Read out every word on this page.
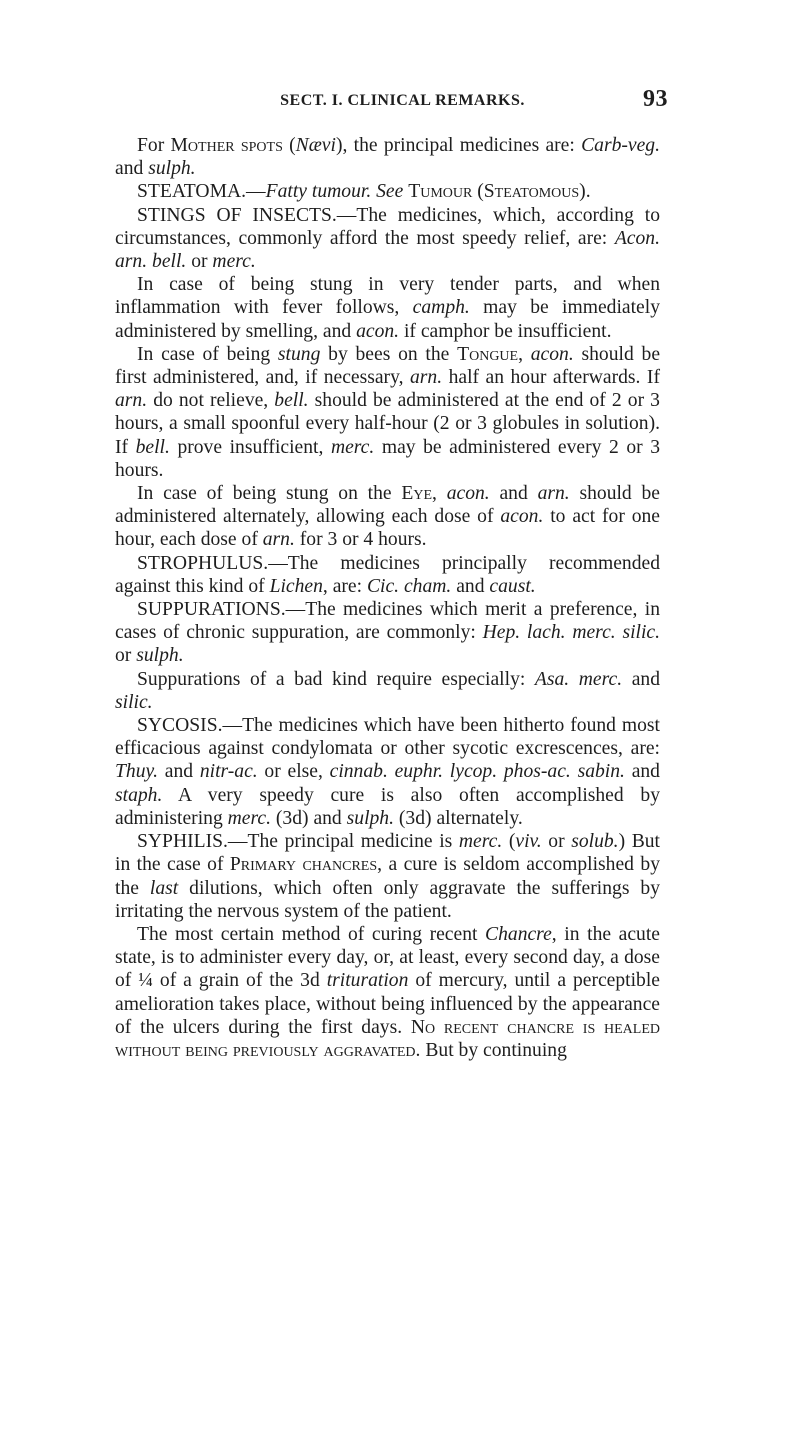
SECT. I. CLINICAL REMARKS.	93

For Mother spots (Nævi), the principal medicines are: Carb-veg. and sulph.

STEATOMA.—Fatty tumour. See Tumour (Steatomous).

STINGS OF INSECTS.—The medicines, which, according to circumstances, commonly afford the most speedy relief, are: Acon. arn. bell. or merc.

In case of being stung in very tender parts, and when inflammation with fever follows, camph. may be immediately administered by smelling, and acon. if camphor be insufficient.

In case of being stung by bees on the Tongue, acon. should be first administered, and, if necessary, arn. half an hour afterwards. If arn. do not relieve, bell. should be administered at the end of 2 or 3 hours, a small spoonful every half-hour (2 or 3 globules in solution). If bell. prove insufficient, merc. may be administered every 2 or 3 hours.

In case of being stung on the Eye, acon. and arn. should be administered alternately, allowing each dose of acon. to act for one hour, each dose of arn. for 3 or 4 hours.

STROPHULUS.—The medicines principally recommended against this kind of Lichen, are: Cic. cham. and caust.

SUPPURATIONS.—The medicines which merit a preference, in cases of chronic suppuration, are commonly: Hep. lach. merc. silic. or sulph.

Suppurations of a bad kind require especially: Asa. merc. and silic.

SYCOSIS.—The medicines which have been hitherto found most efficacious against condylomata or other sycotic excrescences, are: Thuy. and nitr-ac. or else, cinnab. euphr. lycop. phos-ac. sabin. and staph. A very speedy cure is also often accomplished by administering merc. (3d) and sulph. (3d) alternately.

SYPHILIS.—The principal medicine is merc. (viv. or solub.) But in the case of Primary chancres, a cure is seldom accomplished by the last dilutions, which often only aggravate the sufferings by irritating the nervous system of the patient.

The most certain method of curing recent Chancre, in the acute state, is to administer every day, or, at least, every second day, a dose of ¼ of a grain of the 3d trituration of mercury, until a perceptible amelioration takes place, without being influenced by the appearance of the ulcers during the first days. No recent chancre is healed without being previously aggravated. But by continuing
